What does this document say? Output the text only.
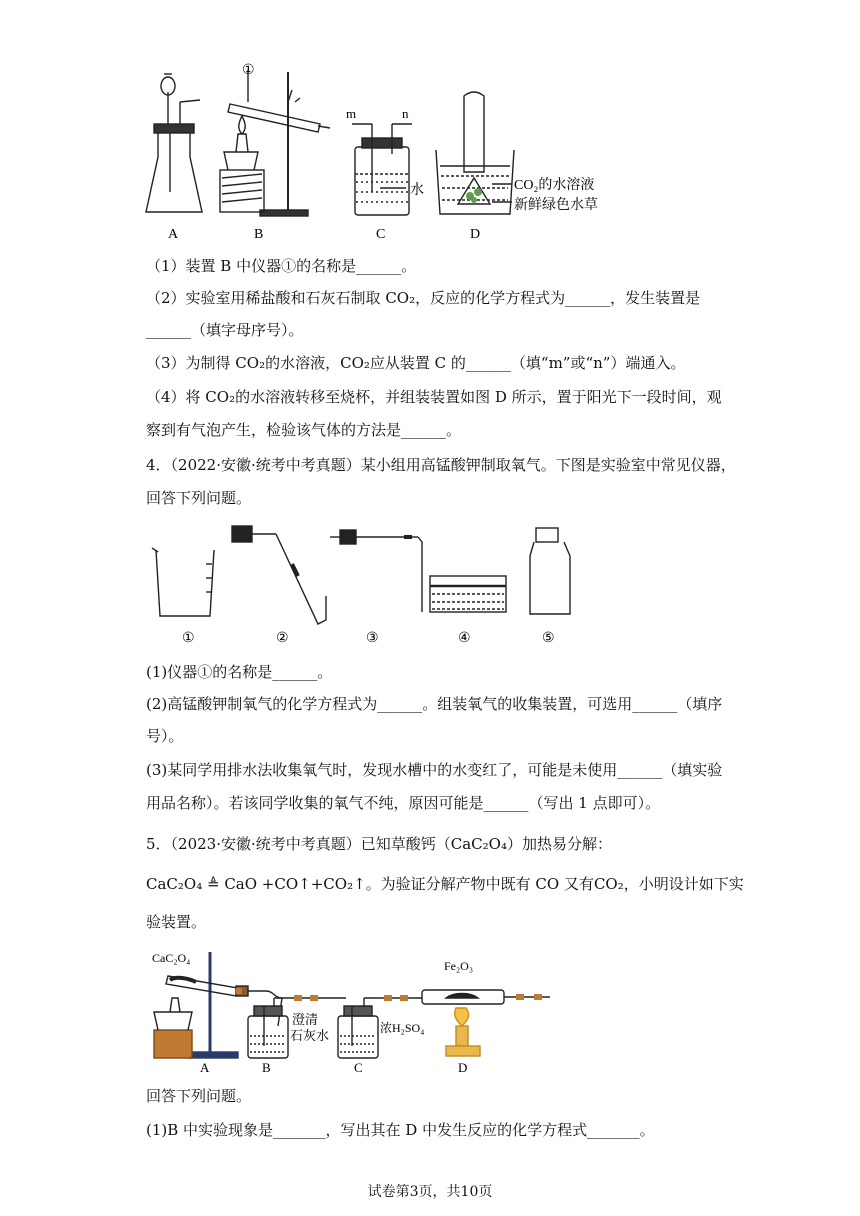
A	B	C	D
①
m	n
水	CO₂的水溶液
新鲜绿色水草
（1）装置 B 中仪器①的名称是______。
（2）实验室用稀盐酸和石灰石制取 CO₂，反应的化学方程式为______，发生装置是
______（填字母序号）。
（3）为制得 CO₂的水溶液，CO₂应从装置 C 的______（填“m”或“n”）端通入。
（4）将 CO₂的水溶液转移至烧杯，并组装装置如图 D 所示，置于阳光下一段时间，观
察到有气泡产生，检验该气体的方法是______。
4．（2022·安徽·统考中考真题）某小组用高锰酸钾制取氧气。下图是实验室中常见仪器，
回答下列问题。
①	②	③	④	⑤
(1)仪器①的名称是______。
(2)高锰酸钾制氧气的化学方程式为______。组装氧气的收集装置，可选用______（填序
号）。
(3)某同学用排水法收集氧气时，发现水槽中的水变红了，可能是未使用______（填实验
用品名称）。若该同学收集的氧气不纯，原因可能是______（写出 1 点即可）。
5．（2023·安徽·统考中考真题）已知草酸钙（CaC₂O₄）加热易分解：
CaC₂O₄ ≜ CaO +CO↑+CO₂↑。为验证分解产物中既有 CO 又有CO₂，小明设计如下实
验装置。
CaC₂O₄
澄清
石灰水	浓H₂SO₄
Fe₂O₃
A	B	C	D
回答下列问题。
(1)B 中实验现象是_______，写出其在 D 中发生反应的化学方程式_______。
试卷第3页，共10页
